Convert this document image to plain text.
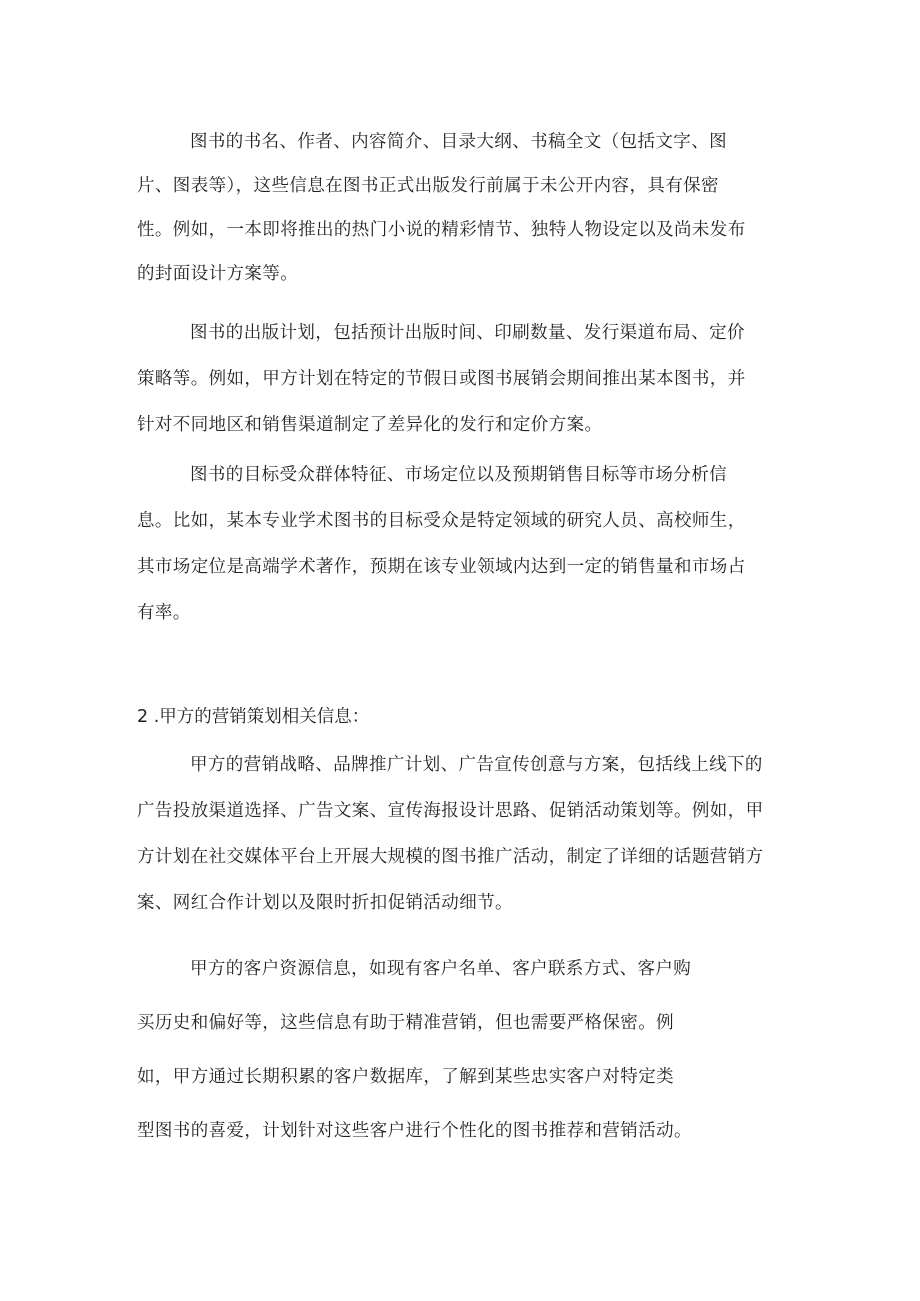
图书的书名、作者、内容简介、目录大纲、书稿全文（包括文字、图
片、图表等），这些信息在图书正式出版发行前属于未公开内容，具有保密
性。例如，一本即将推出的热门小说的精彩情节、独特人物设定以及尚未发布
的封面设计方案等。
图书的出版计划，包括预计出版时间、印刷数量、发行渠道布局、定价
策略等。例如，甲方计划在特定的节假日或图书展销会期间推出某本图书，并
针对不同地区和销售渠道制定了差异化的发行和定价方案。
图书的目标受众群体特征、市场定位以及预期销售目标等市场分析信
息。比如，某本专业学术图书的目标受众是特定领域的研究人员、高校师生，
其市场定位是高端学术著作，预期在该专业领域内达到一定的销售量和市场占
有率。
2 .甲方的营销策划相关信息：
甲方的营销战略、品牌推广计划、广告宣传创意与方案，包括线上线下的
广告投放渠道选择、广告文案、宣传海报设计思路、促销活动策划等。例如，甲
方计划在社交媒体平台上开展大规模的图书推广活动，制定了详细的话题营销方
案、网红合作计划以及限时折扣促销活动细节。
甲方的客户资源信息，如现有客户名单、客户联系方式、客户购
买历史和偏好等，这些信息有助于精准营销，但也需要严格保密。例
如，甲方通过长期积累的客户数据库，了解到某些忠实客户对特定类
型图书的喜爱，计划针对这些客户进行个性化的图书推荐和营销活动。
